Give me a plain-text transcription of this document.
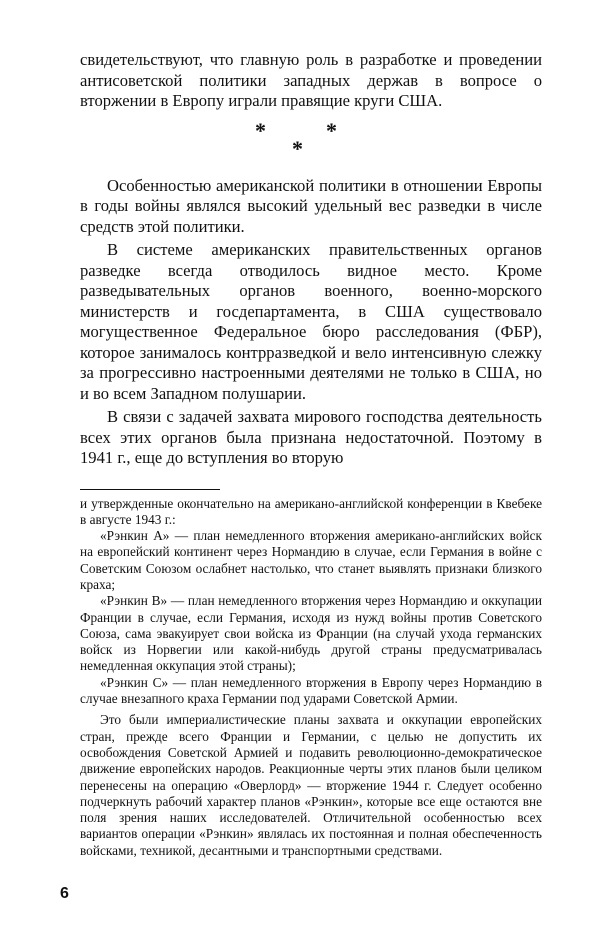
свидетельствуют, что главную роль в разработке и проведении антисоветской политики западных держав в вопросе о вторжении в Европу играли правящие круги США.

*	*
*

Особенностью американской политики в отношении Европы в годы войны являлся высокий удельный вес разведки в числе средств этой политики.

В системе американских правительственных органов разведке всегда отводилось видное место. Кроме разведывательных органов военного, военно-морского министерств и госдепартамента, в США существовало могущественное Федеральное бюро расследования (ФБР), которое занималось контрразведкой и вело интенсивную слежку за прогрессивно настроенными деятелями не только в США, но и во всем Западном полушарии.

В связи с задачей захвата мирового господства деятельность всех этих органов была признана недостаточной. Поэтому в 1941 г., еще до вступления во вторую

и утвержденные окончательно на американо-английской конференции в Квебеке в августе 1943 г.:

«Рэнкин А» — план немедленного вторжения американо-английских войск на европейский континент через Нормандию в случае, если Германия в войне с Советским Союзом ослабнет настолько, что станет выявлять признаки близкого краха;

«Рэнкин В» — план немедленного вторжения через Нормандию и оккупации Франции в случае, если Германия, исходя из нужд войны против Советского Союза, сама эвакуирует свои войска из Франции (на случай ухода германских войск из Норвегии или какой-нибудь другой страны предусматривалась немедленная оккупация этой страны);

«Рэнкин С» — план немедленного вторжения в Европу через Нормандию в случае внезапного краха Германии под ударами Советской Армии.

Это были империалистические планы захвата и оккупации европейских стран, прежде всего Франции и Германии, с целью не допустить их освобождения Советской Армией и подавить революционно-демократическое движение европейских народов. Реакционные черты этих планов были целиком перенесены на операцию «Оверлорд» — вторжение 1944 г. Следует особенно подчеркнуть рабочий характер планов «Рэнкин», которые все еще остаются вне поля зрения наших исследователей. Отличительной особенностью всех вариантов операции «Рэнкин» являлась их постоянная и полная обеспеченность войсками, техникой, десантными и транспортными средствами.

6
